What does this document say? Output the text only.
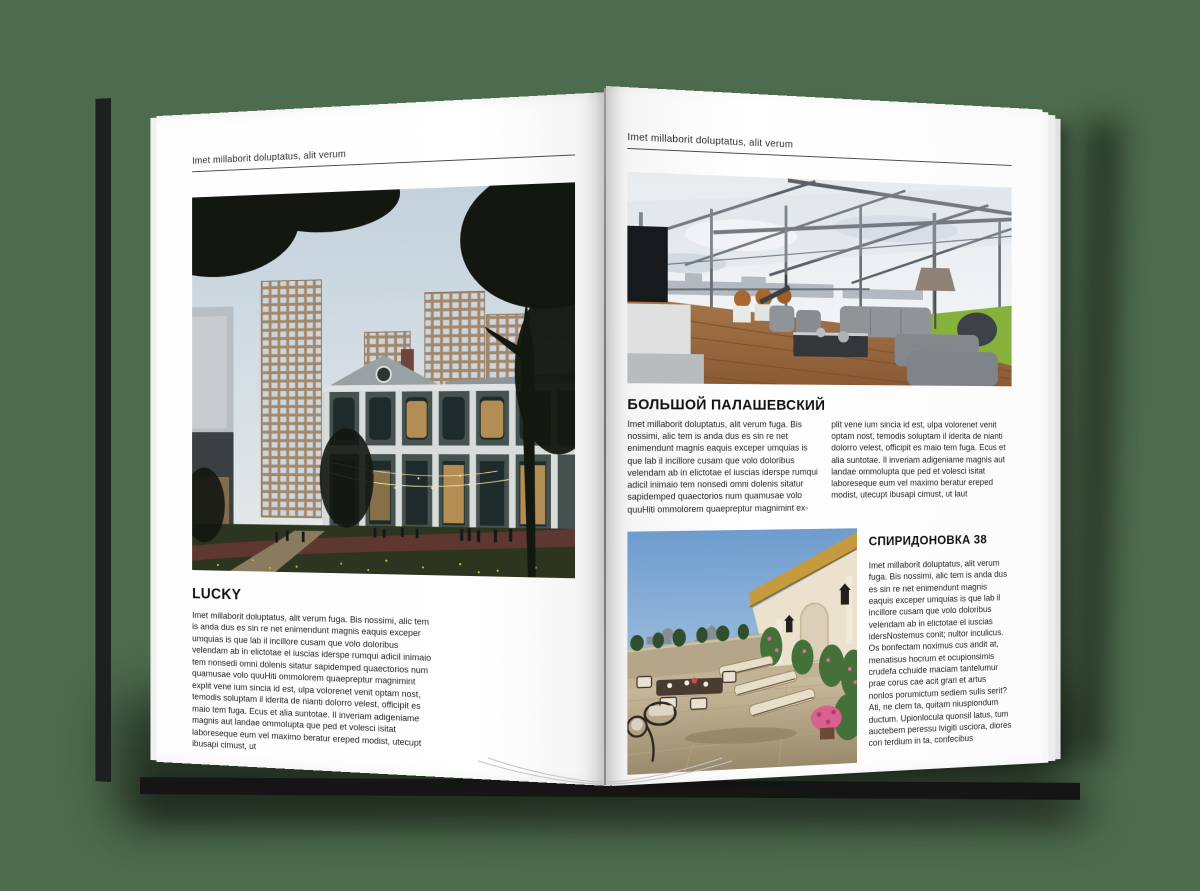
Imet millaborit doluptatus, alit verum
LUCKY

Imet millaborit doluptatus, alit verum fuga. Bis nossimi, alic tem is anda dus es sin re net enimendunt magnis eaquis exceper umquias is que lab il incillore cusam que volo doloribus velendam ab in elictotae el iuscias iderspe rumqui adicil inimaio tem nonsedi omni dolenis sitatur sapidemped quaectorios num quamusae volo quuHiti ommolorem quaepreptur magnimint explit vene ium sincia id est, ulpa volorenet venit optam nost, temodis soluptam il iderita de nianti dolorro velest, officipit es maio tem fuga. Ecus et alia suntotae. Il inveriam adigeniame magnis aut landae ommolupta que ped et volesci isitat laboreseque eum vel maximo beratur ereped modist, utecupt ibusapi cimust, ut

Imet millaborit doluptatus, alit verum
БОЛЬШОЙ ПАЛАШЕВСКИЙ

Imet millaborit doluptatus, alit verum fuga. Bis nossimi, alic tem is anda dus es sin re net enimendunt magnis eaquis exceper umquias is que lab il incillore cusam que volo doloribus velendam ab in elictotae el iuscias iderspe rumqui adicil inimaio tem nonsedi omni dolenis sitatur sapidemped quaectorios num quamusae volo quuHiti ommolorem quaepreptur magnimint ex-

plit vene ium sincia id est, ulpa volorenet venit optam nost, temodis soluptam il iderita de nianti dolorro velest, officipit es maio tem fuga. Ecus et alia suntotae. Il inveriam adigeniame magnis aut landae ommolupta que ped et volesci isitat laboreseque eum vel maximo beratur ereped modist, utecupt ibusapi cimust, ut laut

СПИРИДОНОВКА 38

Imet millaborit doluptatus, alit verum fuga. Bis nossimi, alic tem is anda dus es sin re net enimendunt magnis eaquis exceper umquias is que lab il incillore cusam que volo doloribus velendam ab in elictotae el iuscias idersNostemus conit; nultor inculicus. Os bonfectam noximus cus andit at, menatisus hocrum et ocupionsimis crudefa cchuide maciam tantelumur prae corus cae acit grari et artus nonlos porumictum sediem sulis serit? Ati, ne clem ta, quitam niuspiondum ductum. Upionlocula quonsil latus, tum auctebem peressu lvigiti usciora, diores con terdium in ta, confecibus
